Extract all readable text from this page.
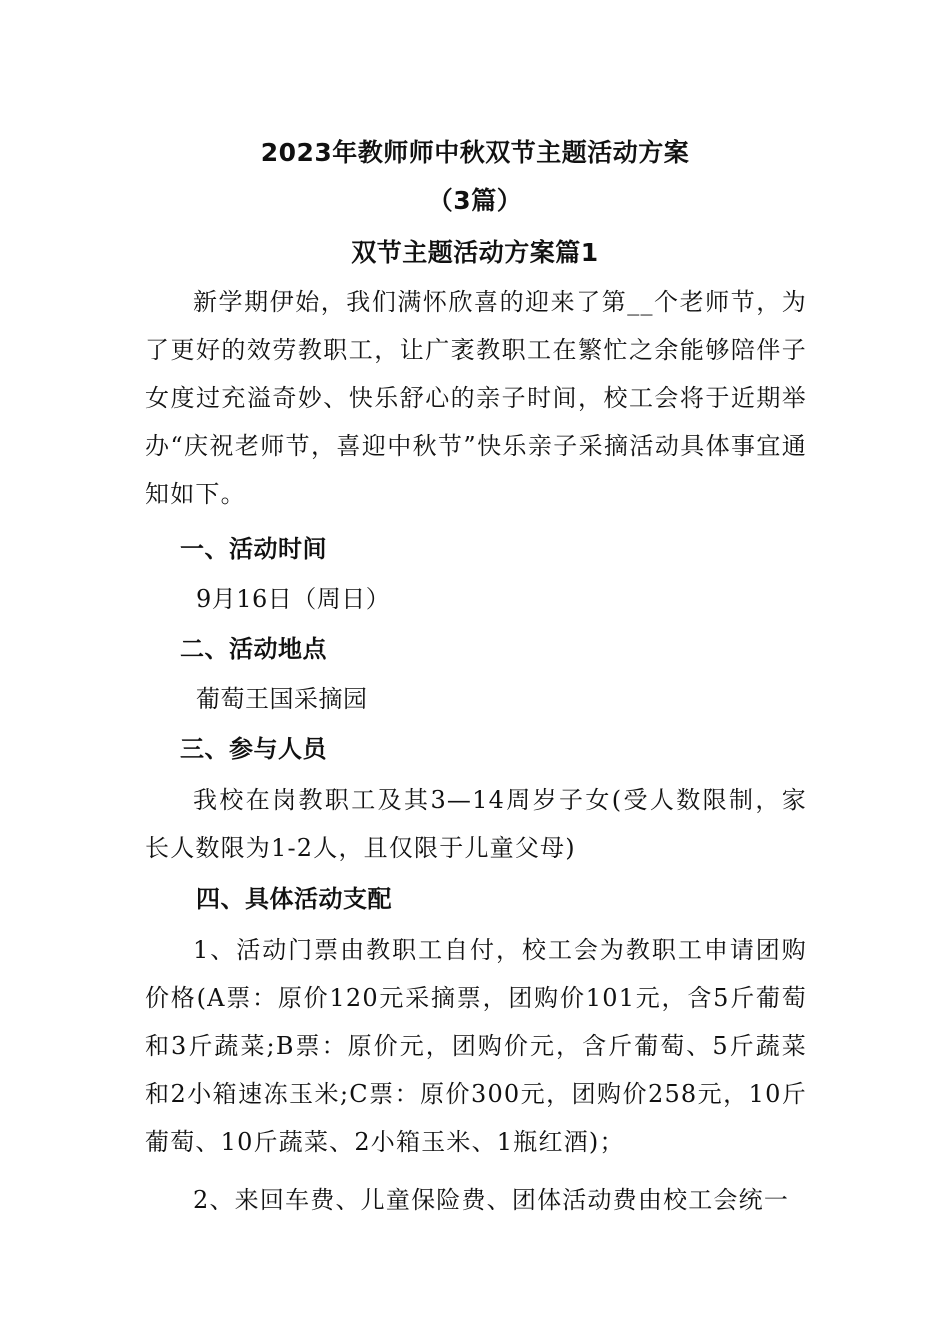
2023年教师师中秋双节主题活动方案
（3篇）
双节主题活动方案篇1
新学期伊始，我们满怀欣喜的迎来了第__个老师节，为了更好的效劳教职工，让广袤教职工在繁忙之余能够陪伴子女度过充溢奇妙、快乐舒心的亲子时间，校工会将于近期举办“庆祝老师节，喜迎中秋节”快乐亲子采摘活动具体事宜通知如下。
一、活动时间
9月16日（周日）
二、活动地点
葡萄王国采摘园
三、参与人员
我校在岗教职工及其3—14周岁子女(受人数限制，家长人数限为1-2人，且仅限于儿童父母)
四、具体活动支配
1、活动门票由教职工自付，校工会为教职工申请团购价格(A票：原价120元采摘票，团购价101元，含5斤葡萄和3斤蔬菜;B票：原价元，团购价元，含斤葡萄、5斤蔬菜和2小箱速冻玉米;C票：原价300元，团购价258元，10斤葡萄、10斤蔬菜、2小箱玉米、1瓶红酒)；
2、来回车费、儿童保险费、团体活动费由校工会统一
